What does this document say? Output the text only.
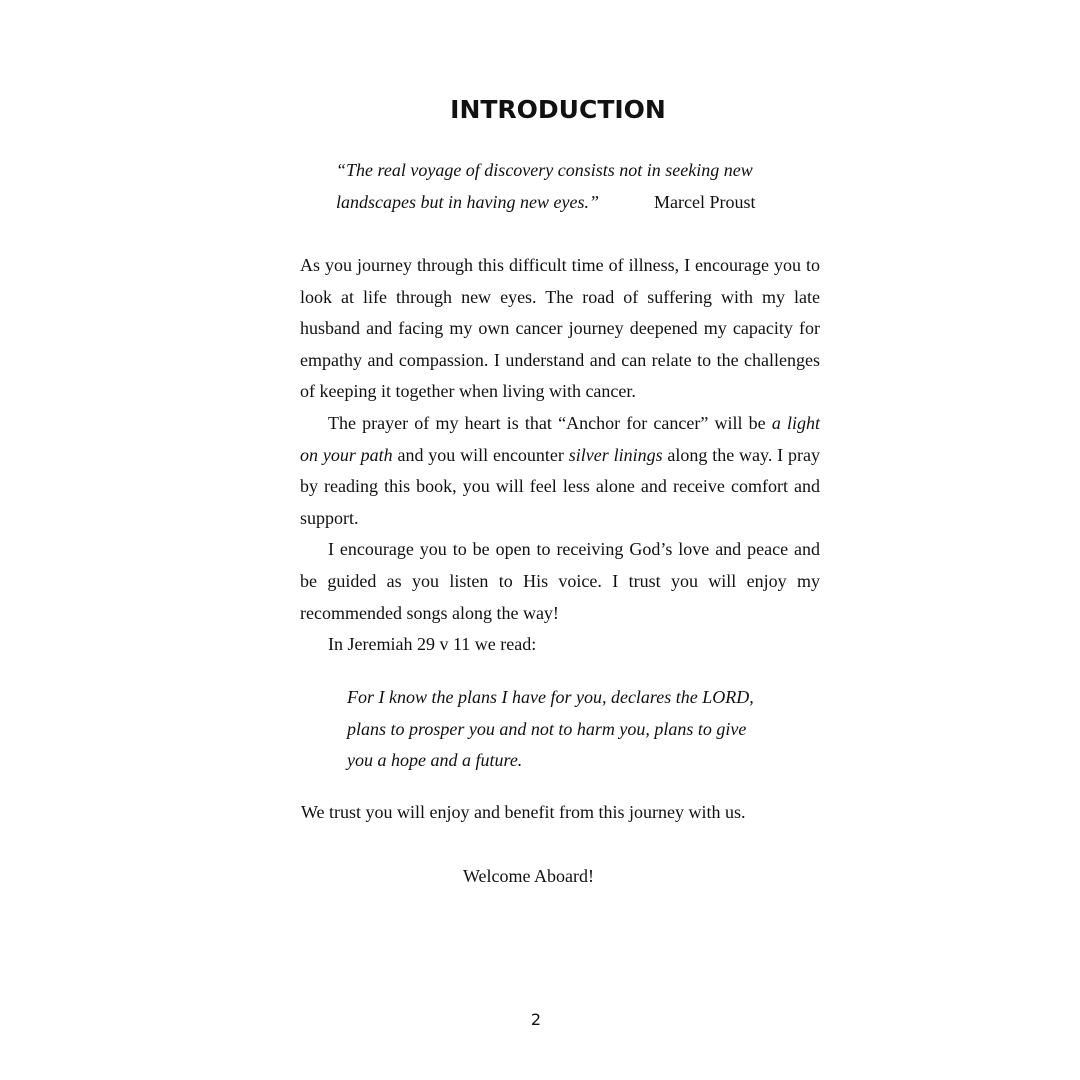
INTRODUCTION
“The real voyage of discovery consists not in seeking new
landscapes but in having new eyes.”	Marcel Proust

As you journey through this difficult time of illness, I encourage you to look at life through new eyes. The road of suffering with my late husband and facing my own cancer journey deepened my capacity for empathy and compassion. I understand and can relate to the challenges of keeping it together when living with cancer.

The prayer of my heart is that “Anchor for cancer” will be a light on your path and you will encounter silver linings along the way. I pray by reading this book, you will feel less alone and receive comfort and support.

I encourage you to be open to receiving God’s love and peace and be guided as you listen to His voice. I trust you will enjoy my recommended songs along the way!

In Jeremiah 29 v 11 we read:

For I know the plans I have for you, declares the LORD,
plans to prosper you and not to harm you, plans to give
you a hope and a future.
We trust you will enjoy and benefit from this journey with us.
Welcome Aboard!
2
